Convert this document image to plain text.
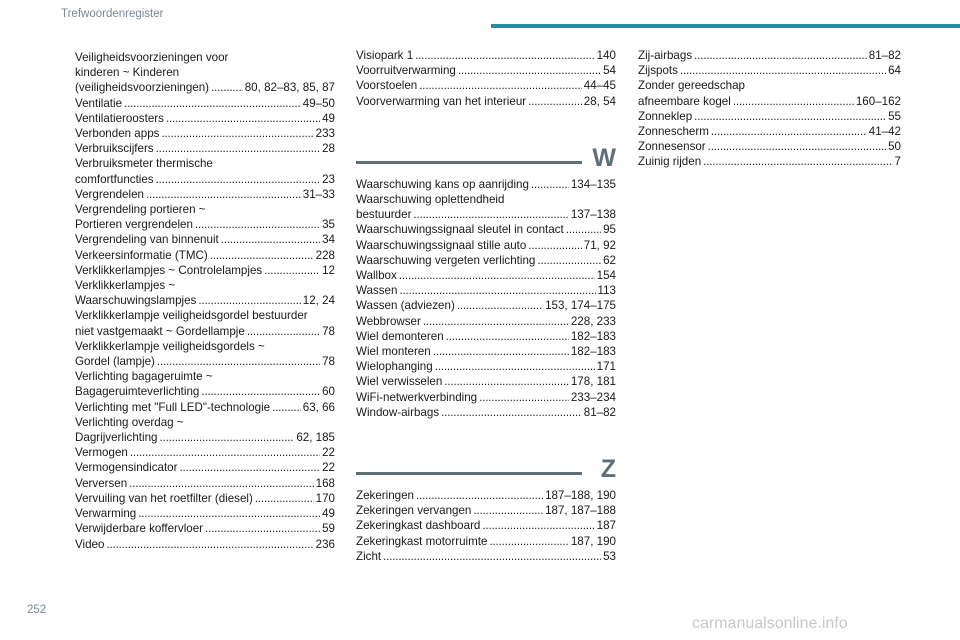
Trefwoordenregister
Veiligheidsvoorzieningen voor
kinderen ~ Kinderen
(veiligheidsvoorzieningen) . . .	80, 82–83, 85, 87
Ventilatie . . .	49–50
Ventilatieroosters . . .	49
Verbonden apps . . .	233
Verbruikscijfers . . .	28
Verbruiksmeter thermische
comfortfuncties . . .	23
Vergrendelen . . .	31–33
Vergrendeling portieren ~
Portieren vergrendelen . . .	35
Vergrendeling van binnenuit . . .	34
Verkeersinformatie (TMC) . . .	228
Verklikkerlampjes ~ Controlelampjes . . .	12
Verklikkerlampjes ~
Waarschuwingslampjes . . .	12, 24
Verklikkerlampje veiligheidsgordel bestuurder
niet vastgemaakt ~ Gordellampje . . .	78
Verklikkerlampje veiligheidsgordels ~
Gordel (lampje) . . .	78
Verlichting bagageruimte ~
Bagageruimteverlichting . . .	60
Verlichting met "Full LED"-technologie . . .	63, 66
Verlichting overdag ~
Dagrijverlichting . . .	62, 185
Vermogen . . .	22
Vermogensindicator . . .	22
Verversen . . .	168
Vervuiling van het roetfilter (diesel) . . .	170
Verwarming . . .	49
Verwijderbare koffervloer . . .	59
Video . . .	236
Visiopark 1 . . .	140
Voorruitverwarming . . .	54
Voorstoelen . . .	44–45
Voorverwarming van het interieur . . .	28, 54
W
Waarschuwing kans op aanrijding . . .	134–135
Waarschuwing oplettendheid
bestuurder . . .	137–138
Waarschuwingssignaal sleutel in contact . . .	95
Waarschuwingssignaal stille auto . . .	71, 92
Waarschuwing vergeten verlichting . . .	62
Wallbox . . .	154
Wassen . . .	113
Wassen (adviezen) . . .	153, 174–175
Webbrowser . . .	228, 233
Wiel demonteren . . .	182–183
Wiel monteren . . .	182–183
Wielophanging . . .	171
Wiel verwisselen . . .	178, 181
WiFi-netwerkverbinding . . .	233–234
Window-airbags . . .	81–82
Z
Zekeringen . . .	187–188, 190
Zekeringen vervangen . . .	187, 187–188
Zekeringkast dashboard . . .	187
Zekeringkast motorruimte . . .	187, 190
Zicht . . .	53
Zij-airbags . . .	81–82
Zijspots . . .	64
Zonder gereedschap
afneembare kogel . . .	160–162
Zonneklep . . .	55
Zonnescherm . . .	41–42
Zonnesensor . . .	50
Zuinig rijden . . .	7
252
carmanualsonline.info
